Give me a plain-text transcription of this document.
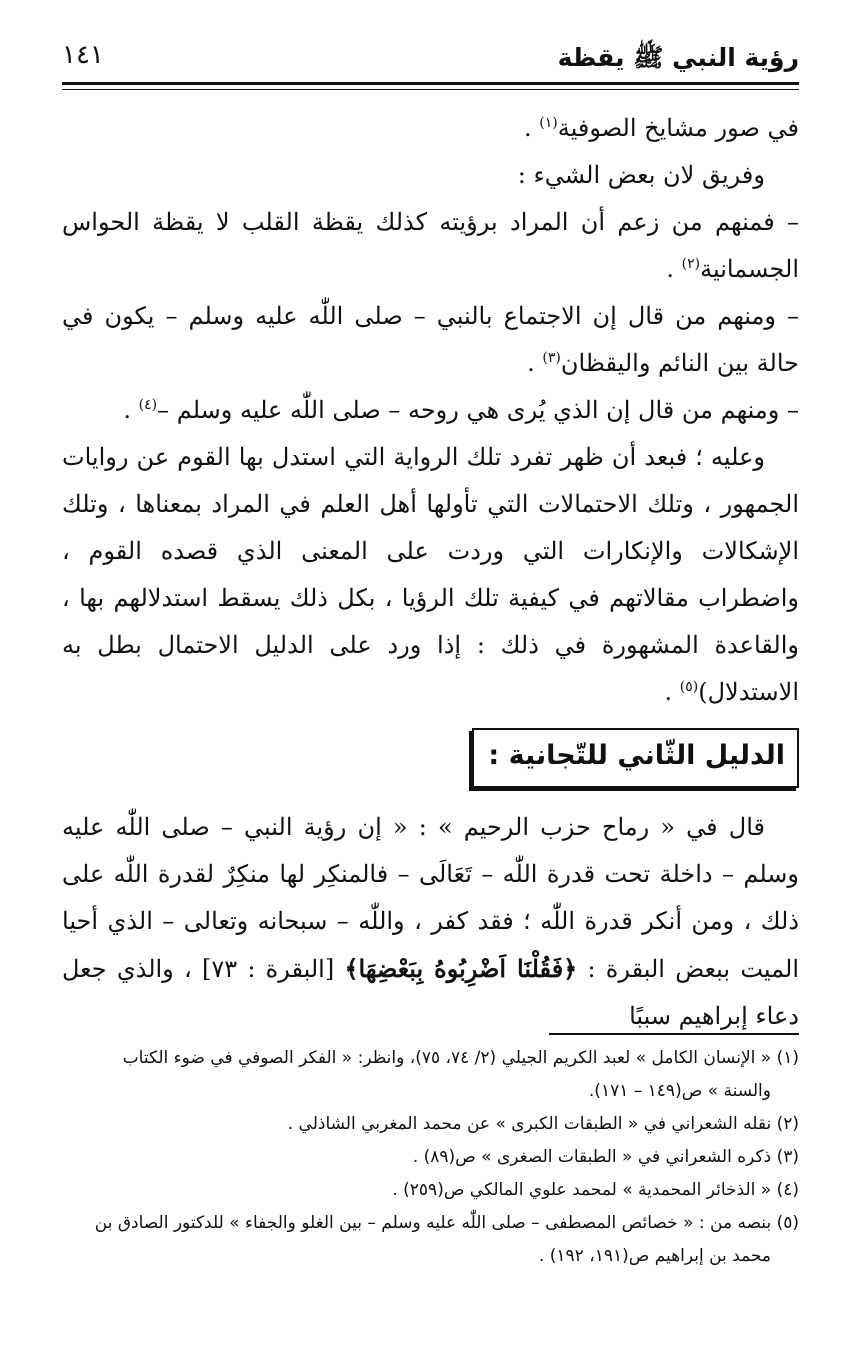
رؤية النبي ﷺ يقظة
١٤١

في صور مشايخ الصوفية$^{(١)}$ .

وفريق لان بعض الشيء :

– فمنهم من زعم أن المراد برؤيته كذلك يقظة القلب لا يقظة الحواس الجسمانية$^{(٢)}$ .

– ومنهم من قال إن الاجتماع بالنبي – صلى اللّٰه عليه وسلم – يكون في حالة بين النائم واليقظان$^{(٣)}$ .

– ومنهم من قال إن الذي يُرى هي روحه – صلى اللّٰه عليه وسلم –$^{(٤)}$ .

وعليه ؛ فبعد أن ظهر تفرد تلك الرواية التي استدل بها القوم عن روايات الجمهور ، وتلك الاحتمالات التي تأولها أهل العلم في المراد بمعناها ، وتلك الإشكالات والإنكارات التي وردت على المعنى الذي قصده القوم ، واضطراب مقالاتهم في كيفية تلك الرؤيا ، بكل ذلك يسقط استدلالهم بها ، والقاعدة المشهورة في ذلك : إذا ورد على الدليل الاحتمال بطل به الاستدلال)$^{(٥)}$ .

الدليل الثّاني للتّجانية :

قال في « رماح حزب الرحيم » : « إن رؤية النبي – صلى اللّٰه عليه وسلم – داخلة تحت قدرة اللّٰه – تَعَالَى – فالمنكِر لها منكِرٌ لقدرة اللّٰه على ذلك ، ومن أنكر قدرة اللّٰه ؛ فقد كفر ، واللّٰه – سبحانه وتعالى – الذي أحيا الميت ببعض البقرة : ﴿فَقُلْنَا اَضْرِبُوهُ بِبَعْضِهَا﴾ [البقرة : ٧٣] ، والذي جعل دعاء إبراهيم سببًا

(١) « الإنسان الكامل » لعبد الكريم الجيلي (٢/ ٧٤، ٧٥)، وانظر: « الفكر الصوفي في ضوء الكتاب

والسنة » ص(١٤٩ – ١٧١).

(٢) نقله الشعراني في « الطبقات الكبرى » عن محمد المغربي الشاذلي .

(٣) ذكره الشعراني في « الطبقات الصغرى » ص(٨٩) .

(٤) « الذخائر المحمدية » لمحمد علوي المالكي ص(٢٥٩) .

(٥) بنصه من : « خصائص المصطفى – صلى اللّٰه عليه وسلم – بين الغلو والجفاء » للدكتور الصادق بن

محمد بن إبراهيم ص(١٩١، ١٩٢) .
